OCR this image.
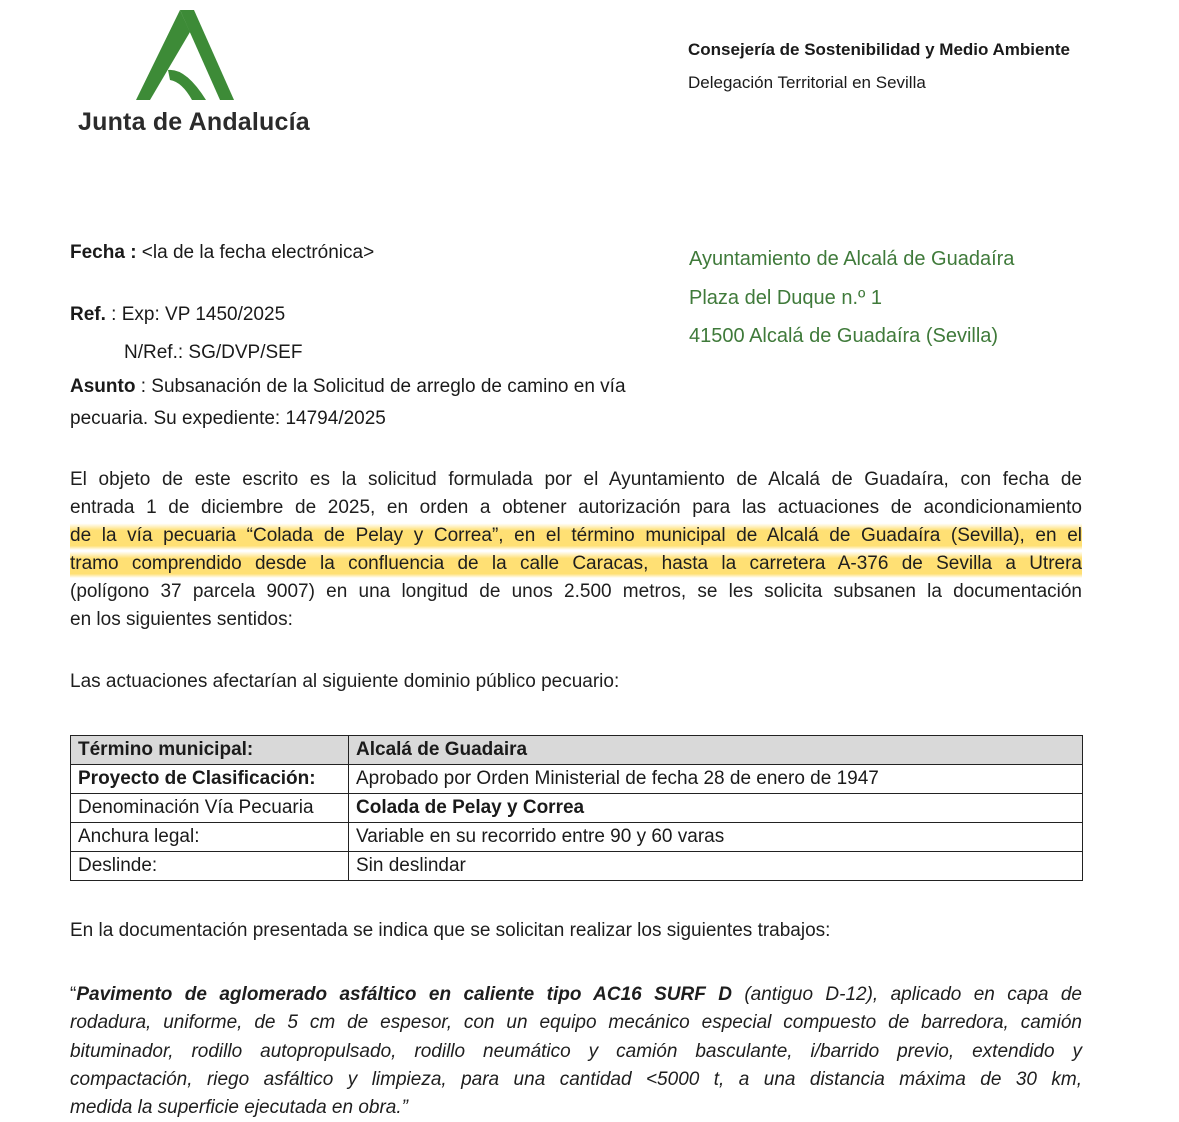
Junta de Andalucía
Consejería de Sostenibilidad y Medio Ambiente
Delegación Territorial en Sevilla
Fecha : <la de la fecha electrónica>
Ref. : Exp: VP 1450/2025
N/Ref.: SG/DVP/SEF
Asunto : Subsanación de la Solicitud de arreglo de camino en vía
pecuaria. Su expediente: 14794/2025
Ayuntamiento de Alcalá de Guadaíra
Plaza del Duque n.º 1
41500 Alcalá de Guadaíra (Sevilla)
El objeto de este escrito es la solicitud formulada por el Ayuntamiento de Alcalá de Guadaíra, con fecha de
entrada 1 de diciembre de 2025, en orden a obtener autorización para las actuaciones de acondicionamiento
de la vía pecuaria “Colada de Pelay y Correa”, en el término municipal de Alcalá de Guadaíra (Sevilla), en el
tramo comprendido desde la confluencia de la calle Caracas, hasta la carretera A-376 de Sevilla a Utrera
(polígono 37 parcela 9007) en una longitud de unos 2.500 metros, se les solicita subsanen la documentación
en los siguientes sentidos:
Las actuaciones afectarían al siguiente dominio público pecuario:
Término municipal:	Alcalá de Guadaira
Proyecto de Clasificación:	Aprobado por Orden Ministerial de fecha 28 de enero de 1947
Denominación Vía Pecuaria	Colada de Pelay y Correa
Anchura legal:	Variable en su recorrido entre 90 y 60 varas
Deslinde:	Sin deslindar
En la documentación presentada se indica que se solicitan realizar los siguientes trabajos:
“Pavimento de aglomerado asfáltico en caliente tipo AC16 SURF D (antiguo D-12), aplicado en capa de
rodadura, uniforme, de 5 cm de espesor, con un equipo mecánico especial compuesto de barredora, camión
bituminador, rodillo autopropulsado, rodillo neumático y camión basculante, i/barrido previo, extendido y
compactación, riego asfáltico y limpieza, para una cantidad <5000 t, a una distancia máxima de 30 km,
medida la superficie ejecutada en obra.”
